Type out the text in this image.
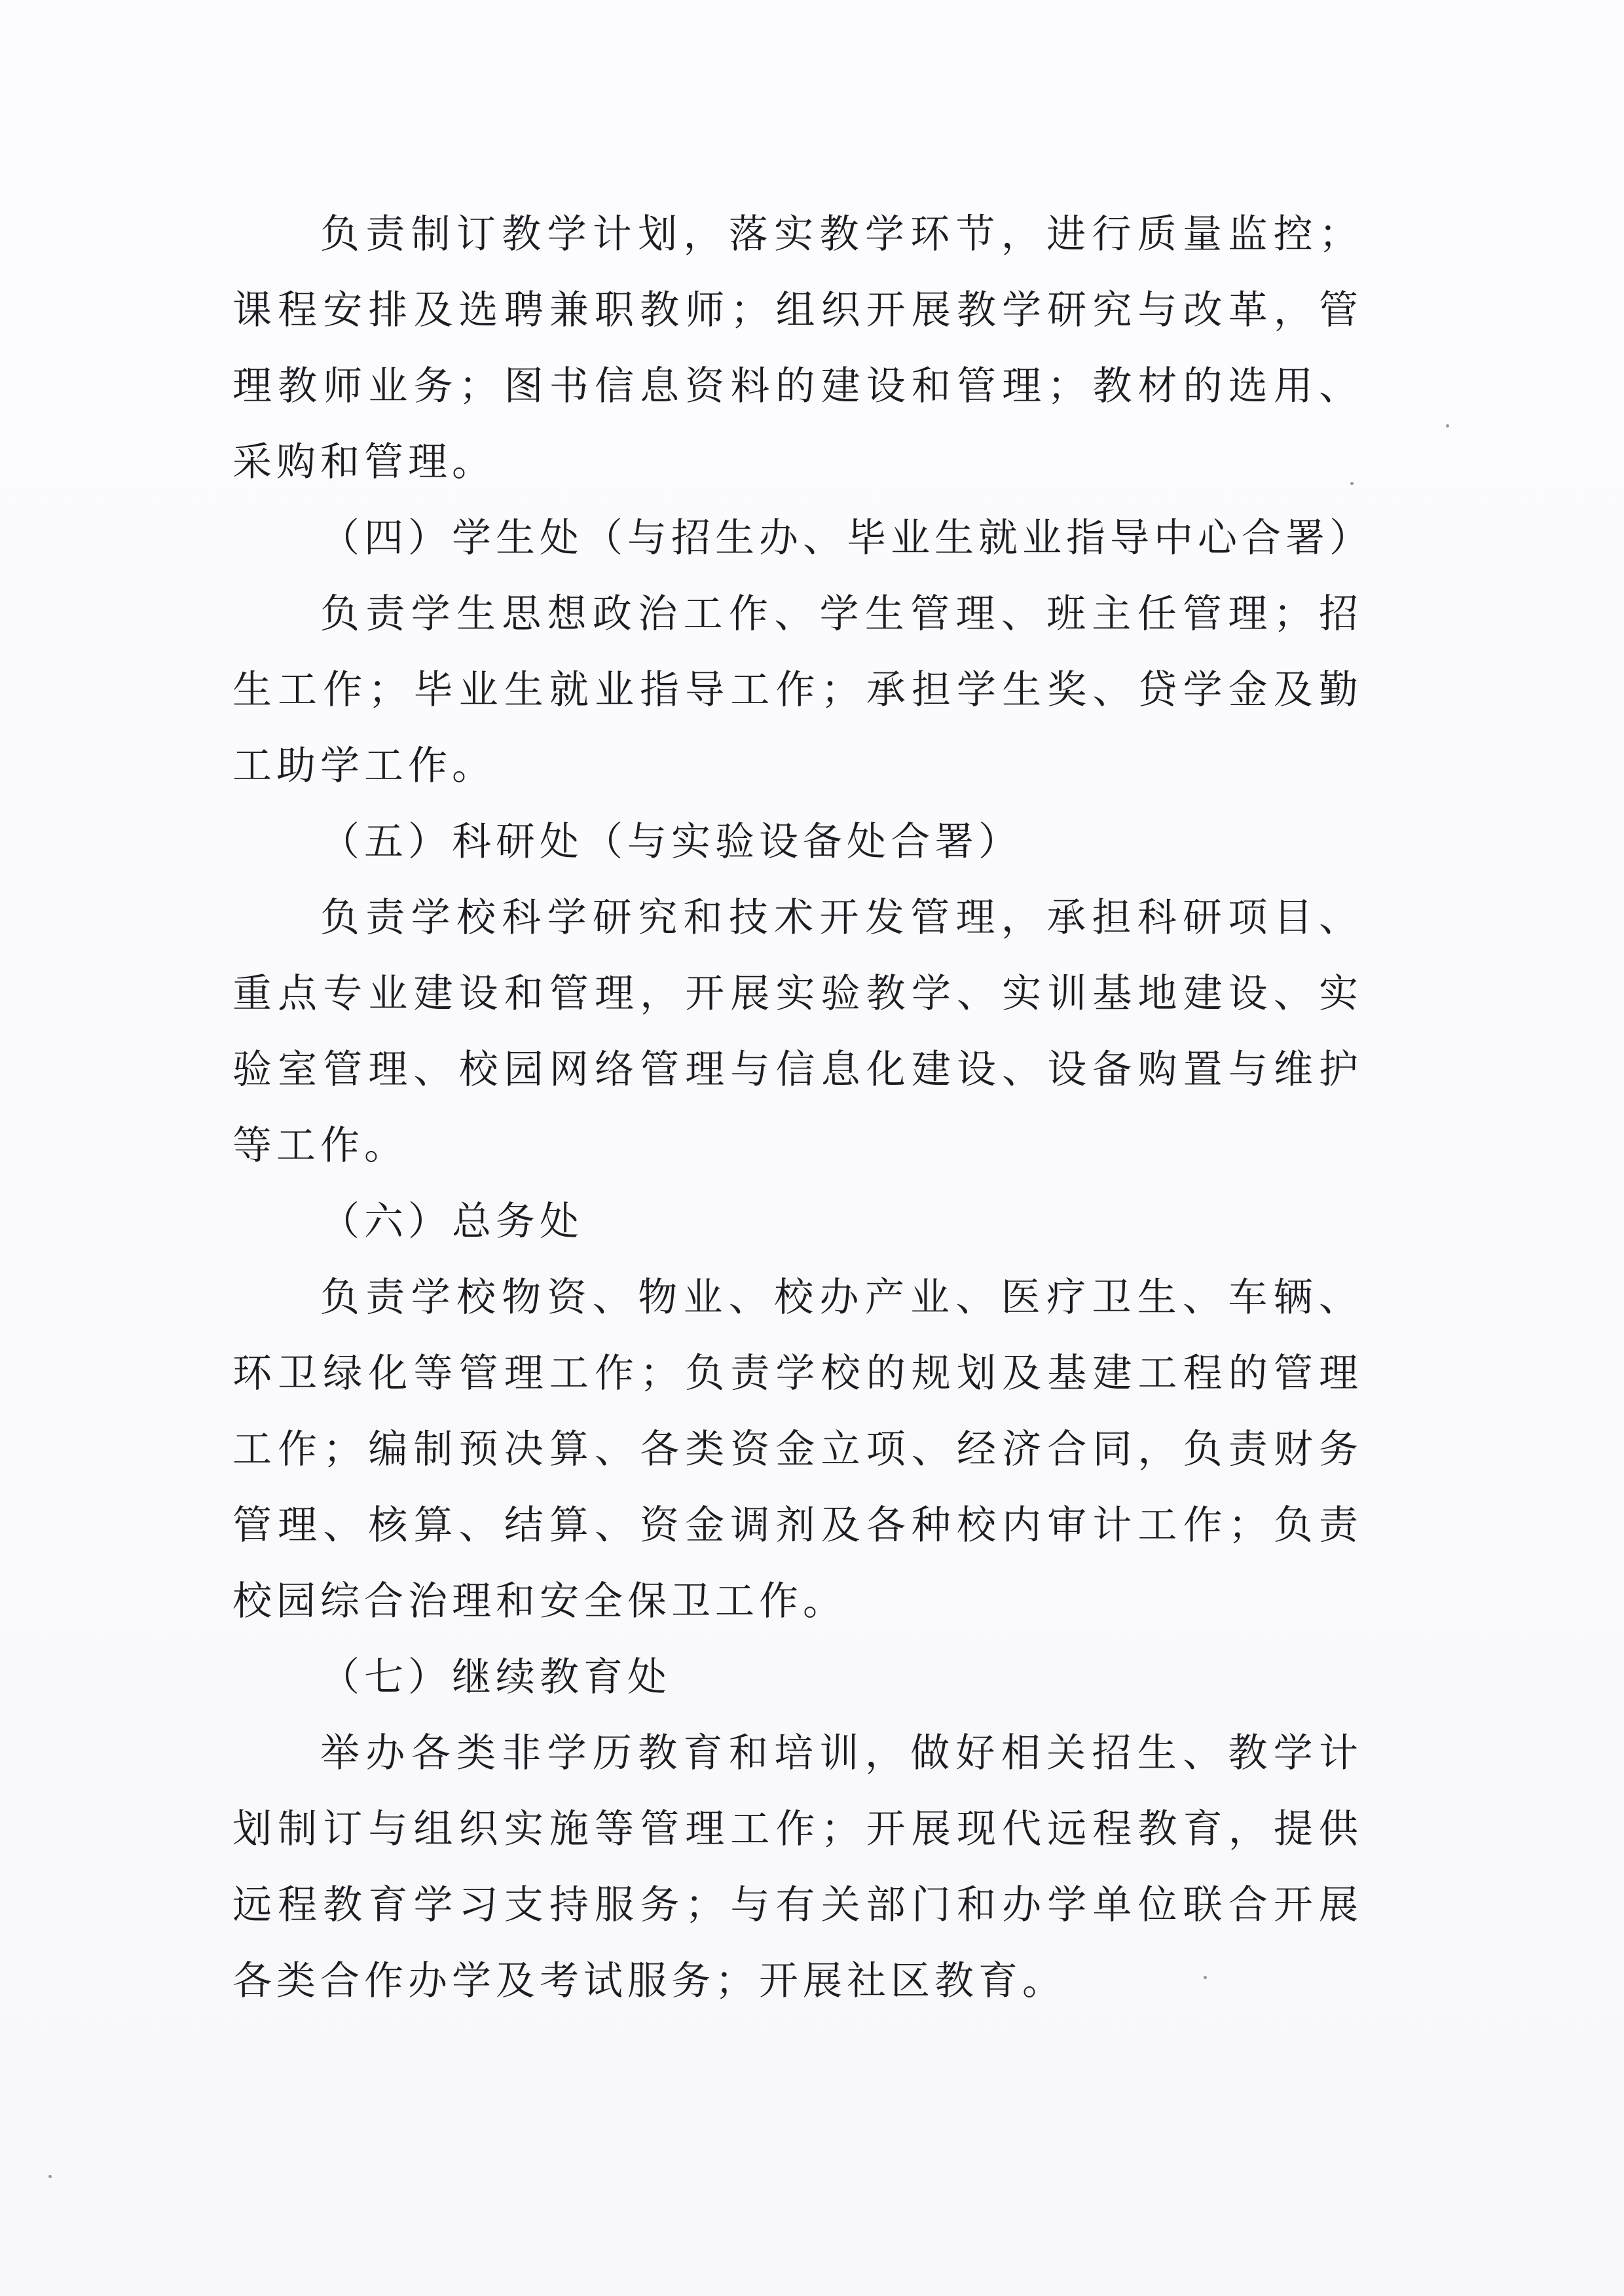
负责制订教学计划，落实教学环节，进行质量监控；课程安排及选聘兼职教师；组织开展教学研究与改革，管理教师业务；图书信息资料的建设和管理；教材的选用、采购和管理。

（四）学生处（与招生办、毕业生就业指导中心合署）

负责学生思想政治工作、学生管理、班主任管理；招生工作；毕业生就业指导工作；承担学生奖、贷学金及勤工助学工作。

（五）科研处（与实验设备处合署）

负责学校科学研究和技术开发管理，承担科研项目、重点专业建设和管理，开展实验教学、实训基地建设、实验室管理、校园网络管理与信息化建设、设备购置与维护等工作。

（六）总务处

负责学校物资、物业、校办产业、医疗卫生、车辆、环卫绿化等管理工作；负责学校的规划及基建工程的管理工作；编制预决算、各类资金立项、经济合同，负责财务管理、核算、结算、资金调剂及各种校内审计工作；负责校园综合治理和安全保卫工作。

（七）继续教育处

举办各类非学历教育和培训，做好相关招生、教学计划制订与组织实施等管理工作；开展现代远程教育，提供远程教育学习支持服务；与有关部门和办学单位联合开展各类合作办学及考试服务；开展社区教育。
